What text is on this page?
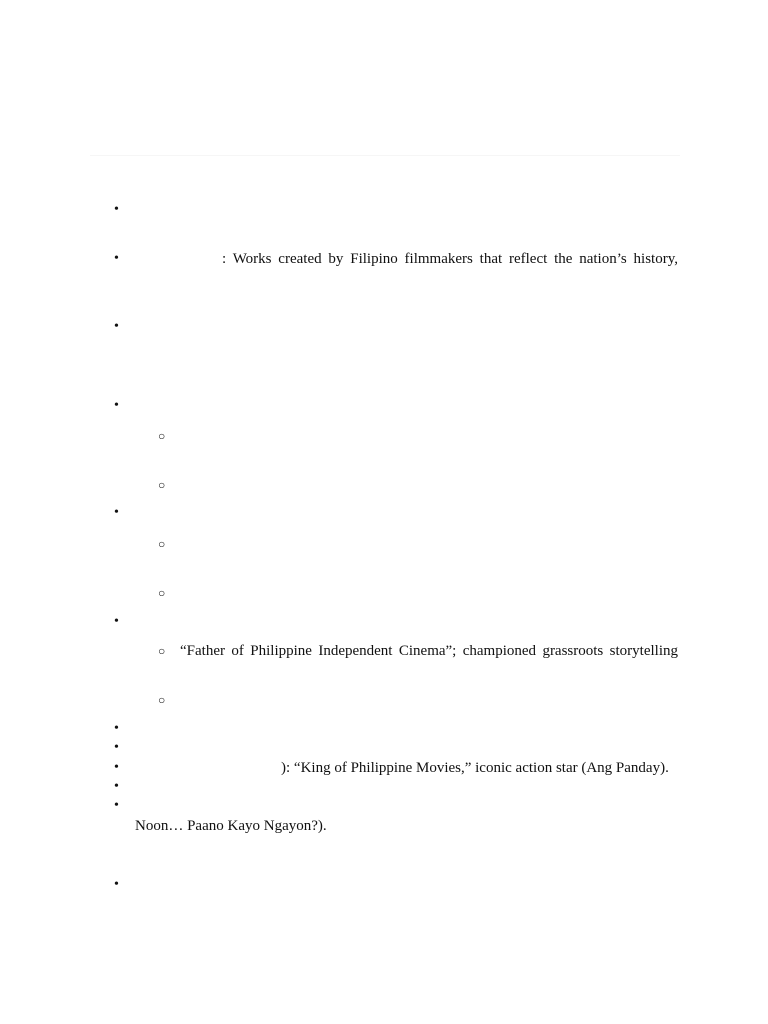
•
•	: Works created by Filipino filmmakers that reflect the nation’s history,
•
•
○
○
•
○
○
•
○ “Father of Philippine Independent Cinema”; championed grassroots storytelling
○
•
•
•	): “King of Philippine Movies,” iconic action star (Ang Panday).
•
•
Noon… Paano Kayo Ngayon?).
•
